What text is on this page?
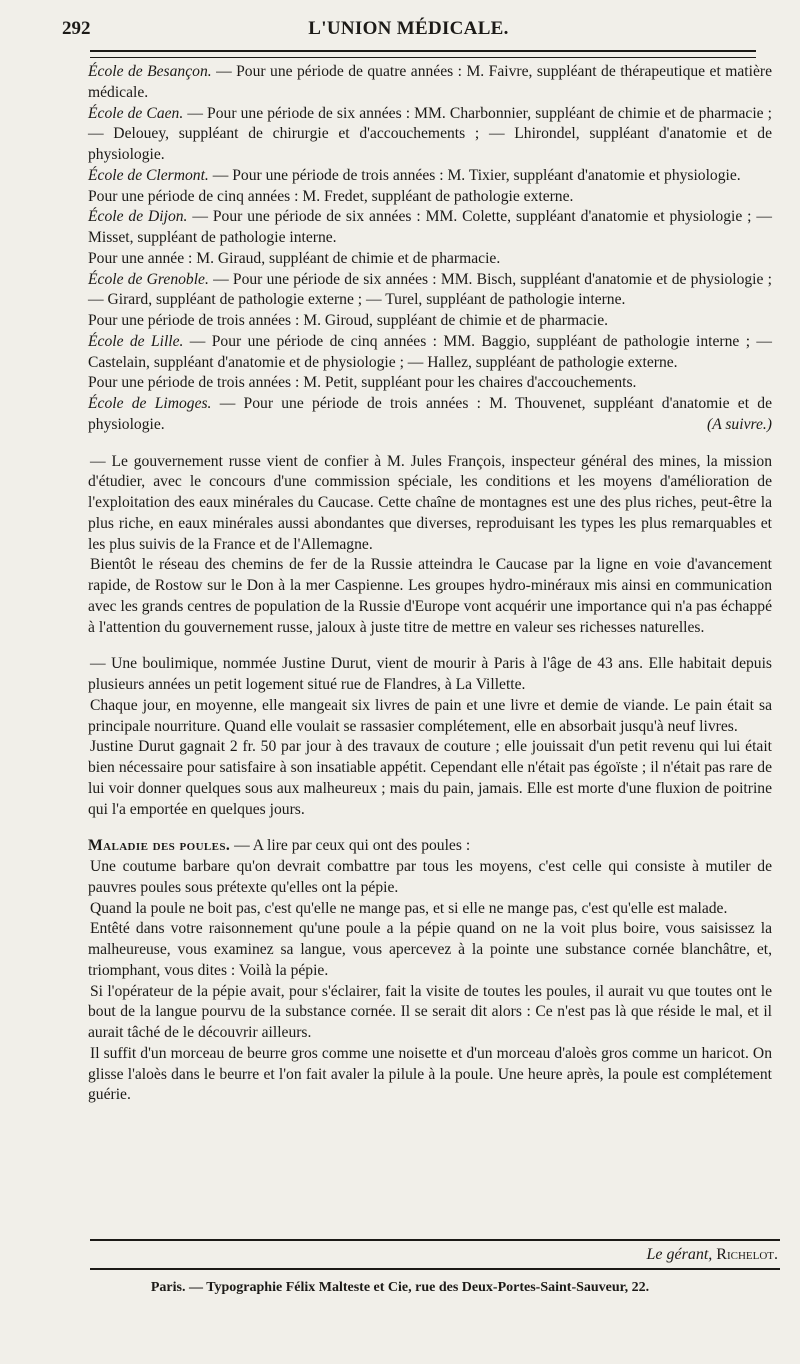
292	L'UNION MÉDICALE.

École de Besançon. — Pour une période de quatre années : M. Faivre, suppléant de thérapeutique et matière médicale.

École de Caen. — Pour une période de six années : MM. Charbonnier, suppléant de chimie et de pharmacie ; — Delouey, suppléant de chirurgie et d'accouchements ; — Lhirondel, suppléant d'anatomie et de physiologie.

École de Clermont. — Pour une période de trois années : M. Tixier, suppléant d'anatomie et physiologie.

Pour une période de cinq années : M. Fredet, suppléant de pathologie externe.

École de Dijon. — Pour une période de six années : MM. Colette, suppléant d'anatomie et physiologie ; — Misset, suppléant de pathologie interne.

Pour une année : M. Giraud, suppléant de chimie et de pharmacie.

École de Grenoble. — Pour une période de six années : MM. Bisch, suppléant d'anatomie et de physiologie ; — Girard, suppléant de pathologie externe ; — Turel, suppléant de pathologie interne.

Pour une période de trois années : M. Giroud, suppléant de chimie et de pharmacie.

École de Lille. — Pour une période de cinq années : MM. Baggio, suppléant de pathologie interne ; — Castelain, suppléant d'anatomie et de physiologie ; — Hallez, suppléant de pathologie externe.

Pour une période de trois années : M. Petit, suppléant pour les chaires d'accouchements.

École de Limoges. — Pour une période de trois années : M. Thouvenet, suppléant d'anatomie et de physiologie.	(A suivre.)

— Le gouvernement russe vient de confier à M. Jules François, inspecteur général des mines, la mission d'étudier, avec le concours d'une commission spéciale, les conditions et les moyens d'amélioration de l'exploitation des eaux minérales du Caucase. Cette chaîne de montagnes est une des plus riches, peut-être la plus riche, en eaux minérales aussi abondantes que diverses, reproduisant les types les plus remarquables et les plus suivis de la France et de l'Allemagne.

Bientôt le réseau des chemins de fer de la Russie atteindra le Caucase par la ligne en voie d'avancement rapide, de Rostow sur le Don à la mer Caspienne. Les groupes hydro-minéraux mis ainsi en communication avec les grands centres de population de la Russie d'Europe vont acquérir une importance qui n'a pas échappé à l'attention du gouvernement russe, jaloux à juste titre de mettre en valeur ses richesses naturelles.

— Une boulimique, nommée Justine Durut, vient de mourir à Paris à l'âge de 43 ans. Elle habitait depuis plusieurs années un petit logement situé rue de Flandres, à La Villette.

Chaque jour, en moyenne, elle mangeait six livres de pain et une livre et demie de viande. Le pain était sa principale nourriture. Quand elle voulait se rassasier complétement, elle en absorbait jusqu'à neuf livres.

Justine Durut gagnait 2 fr. 50 par jour à des travaux de couture ; elle jouissait d'un petit revenu qui lui était bien nécessaire pour satisfaire à son insatiable appétit. Cependant elle n'était pas égoïste ; il n'était pas rare de lui voir donner quelques sous aux malheureux ; mais du pain, jamais. Elle est morte d'une fluxion de poitrine qui l'a emportée en quelques jours.

Maladie des poules. — A lire par ceux qui ont des poules :

Une coutume barbare qu'on devrait combattre par tous les moyens, c'est celle qui consiste à mutiler de pauvres poules sous prétexte qu'elles ont la pépie.

Quand la poule ne boit pas, c'est qu'elle ne mange pas, et si elle ne mange pas, c'est qu'elle est malade.

Entêté dans votre raisonnement qu'une poule a la pépie quand on ne la voit plus boire, vous saisissez la malheureuse, vous examinez sa langue, vous apercevez à la pointe une substance cornée blanchâtre, et, triomphant, vous dites : Voilà la pépie.

Si l'opérateur de la pépie avait, pour s'éclairer, fait la visite de toutes les poules, il aurait vu que toutes ont le bout de la langue pourvu de la substance cornée. Il se serait dit alors : Ce n'est pas là que réside le mal, et il aurait tâché de le découvrir ailleurs.

Il suffit d'un morceau de beurre gros comme une noisette et d'un morceau d'aloès gros comme un haricot. On glisse l'aloès dans le beurre et l'on fait avaler la pilule à la poule. Une heure après, la poule est complétement guérie.

Le gérant, Richelot.
Paris. — Typographie Félix Malteste et Cie, rue des Deux-Portes-Saint-Sauveur, 22.
